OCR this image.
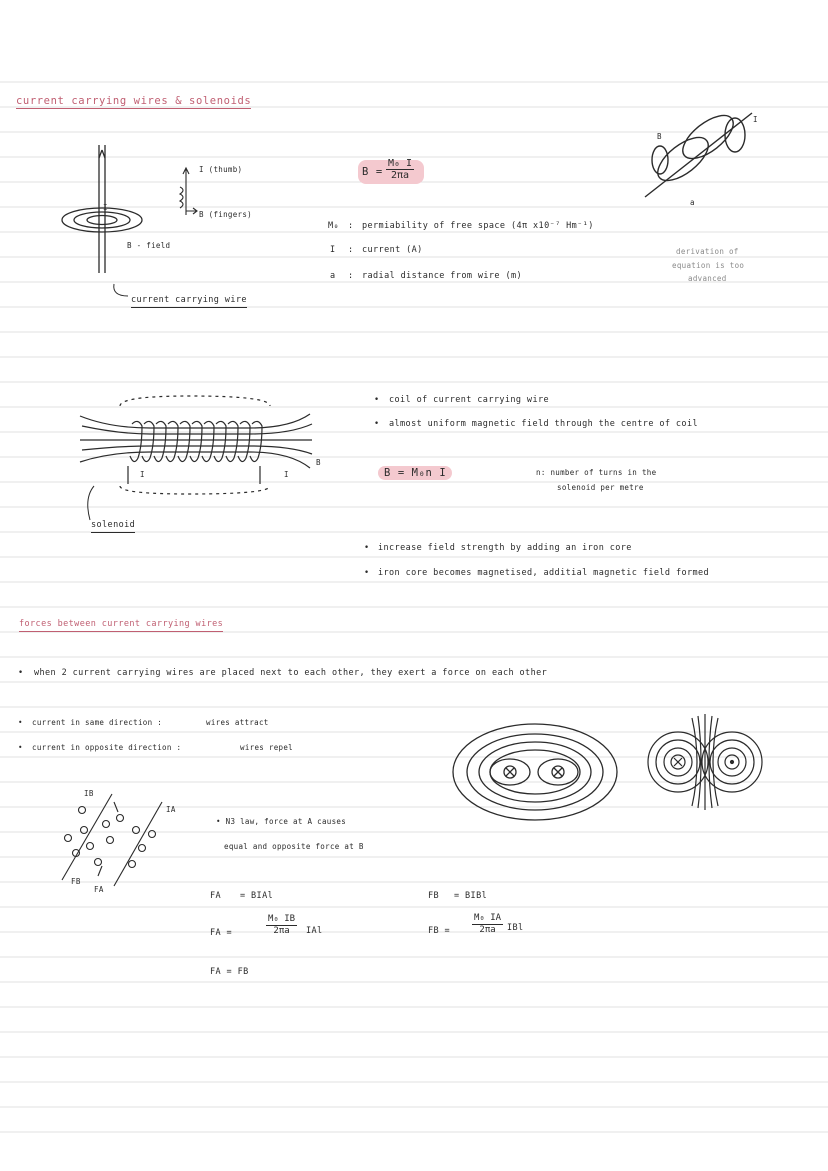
current carrying wires & solenoids
I (thumb)
B (fingers)
I
B - field
current carrying wire
$B = \frac{\text{M₀ I}}{2\pi a}$
M₀ : permiability of free space (4π x10⁻⁷ Hm⁻¹)
I : current (A)
a : radial distance from wire (m)
B
I
a
derivation of
equation is too
advanced
I	I
B
solenoid
• coil of current carrying wire
• almost uniform magnetic field through the centre of coil
B = M₀n I	n: number of turns in the
solenoid per metre
• increase field strength by adding an iron core
• iron core becomes magnetised, additial magnetic field formed
forces between current carrying wires
• when 2 current carrying wires are placed next to each other, they exert a force on each other
• current in same direction :	wires attract
• current in opposite direction :	wires repel
IB
IA
FB
FA
• N3 law, force at A causes
equal and opposite force at B
FA = BIAl
FA =	$\frac{\text{M₀ IB}}{2\pi a}$ IAl
FA = FB
FB = BIBl
FB = $\frac{\text{M₀ IA}}{2\pi a}$ IBl
